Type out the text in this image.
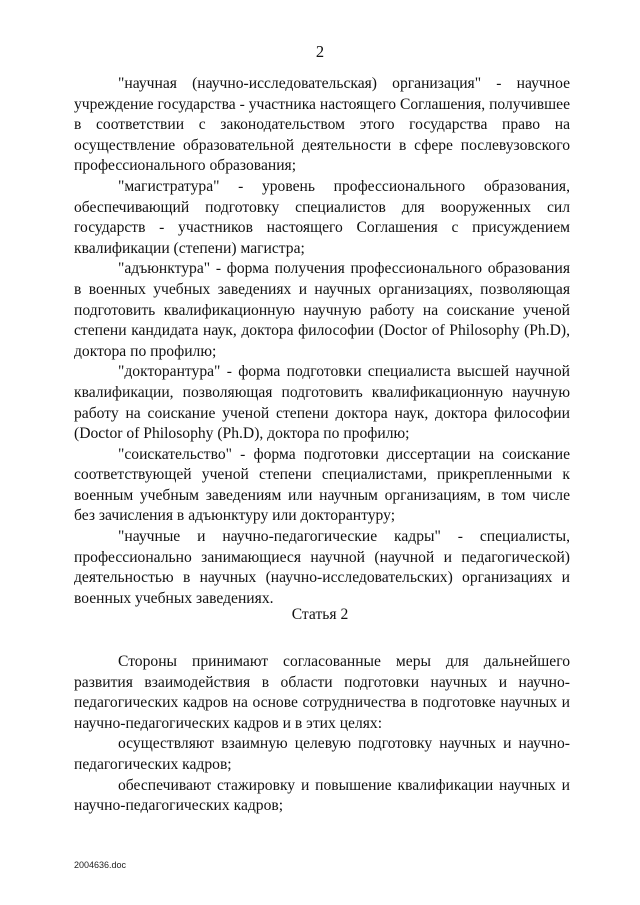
2

"научная (научно-исследовательская) организация" - научное учреждение государства - участника настоящего Соглашения, получившее в соответствии с законодательством этого государства право на осуществление образовательной деятельности в сфере послевузовского профессионального образования;

"магистратура" - уровень профессионального образования, обеспечивающий подготовку специалистов для вооруженных сил государств - участников настоящего Соглашения с присуждением квалификации (степени) магистра;

"адъюнктура" - форма получения профессионального образования в военных учебных заведениях и научных организациях, позволяющая подготовить квалификационную научную работу на соискание ученой степени кандидата наук, доктора философии (Doctor of Philosophy (Ph.D), доктора по профилю;

"докторантура" - форма подготовки специалиста высшей научной квалификации, позволяющая подготовить квалификационную научную работу на соискание ученой степени доктора наук, доктора философии (Doctor of Philosophy (Ph.D), доктора по профилю;

"соискательство" - форма подготовки диссертации на соискание соответствующей ученой степени специалистами, прикрепленными к военным учебным заведениям или научным организациям, в том числе без зачисления в адъюнктуру или докторантуру;

"научные и научно-педагогические кадры" - специалисты, профессионально занимающиеся научной (научной и педагогической) деятельностью в научных (научно-исследовательских) организациях и военных учебных заведениях.

Статья 2

Стороны принимают согласованные меры для дальнейшего развития взаимодействия в области подготовки научных и научно-педагогических кадров на основе сотрудничества в подготовке научных и научно-педагогических кадров и в этих целях:

осуществляют взаимную целевую подготовку научных и научно-педагогических кадров;

обеспечивают стажировку и повышение квалификации научных и научно-педагогических кадров;

2004636.doc
